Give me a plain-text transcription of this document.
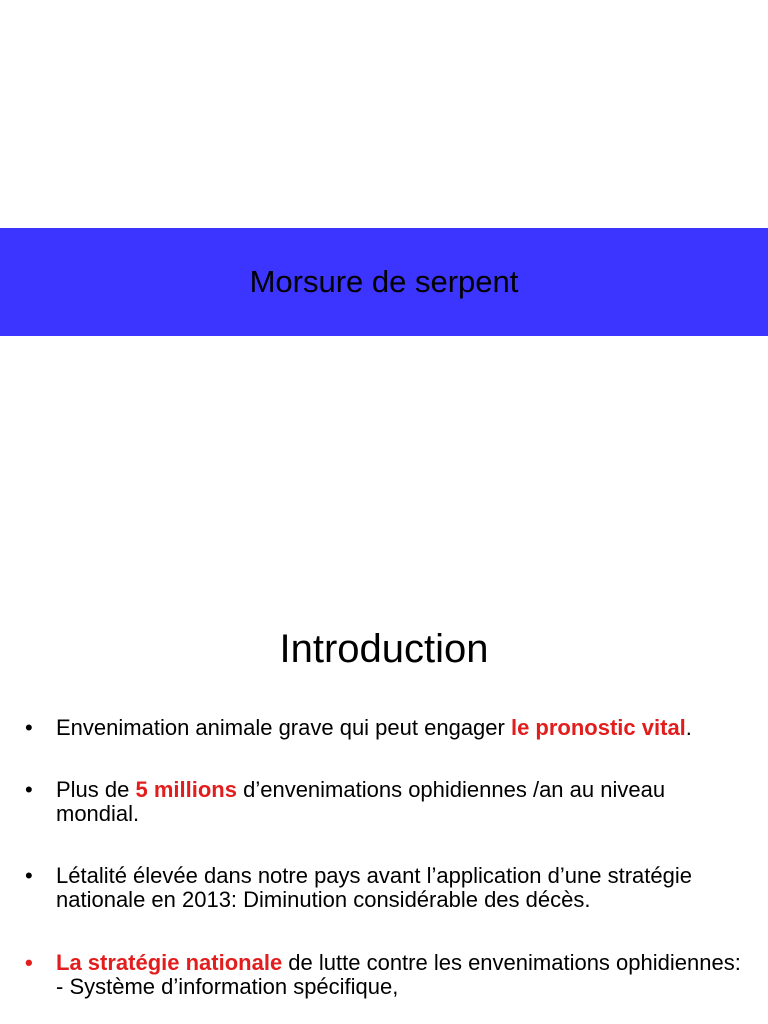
Morsure de serpent
Introduction
• Envenimation animale grave qui peut engager le pronostic vital.
• Plus de 5 millions d’envenimations ophidiennes /an au niveau mondial.
• Létalité élevée dans notre pays avant l’application d’une stratégie nationale en 2013: Diminution considérable des décès.
• La stratégie nationale de lutte contre les envenimations ophidiennes:
- Système d’information spécifique,
